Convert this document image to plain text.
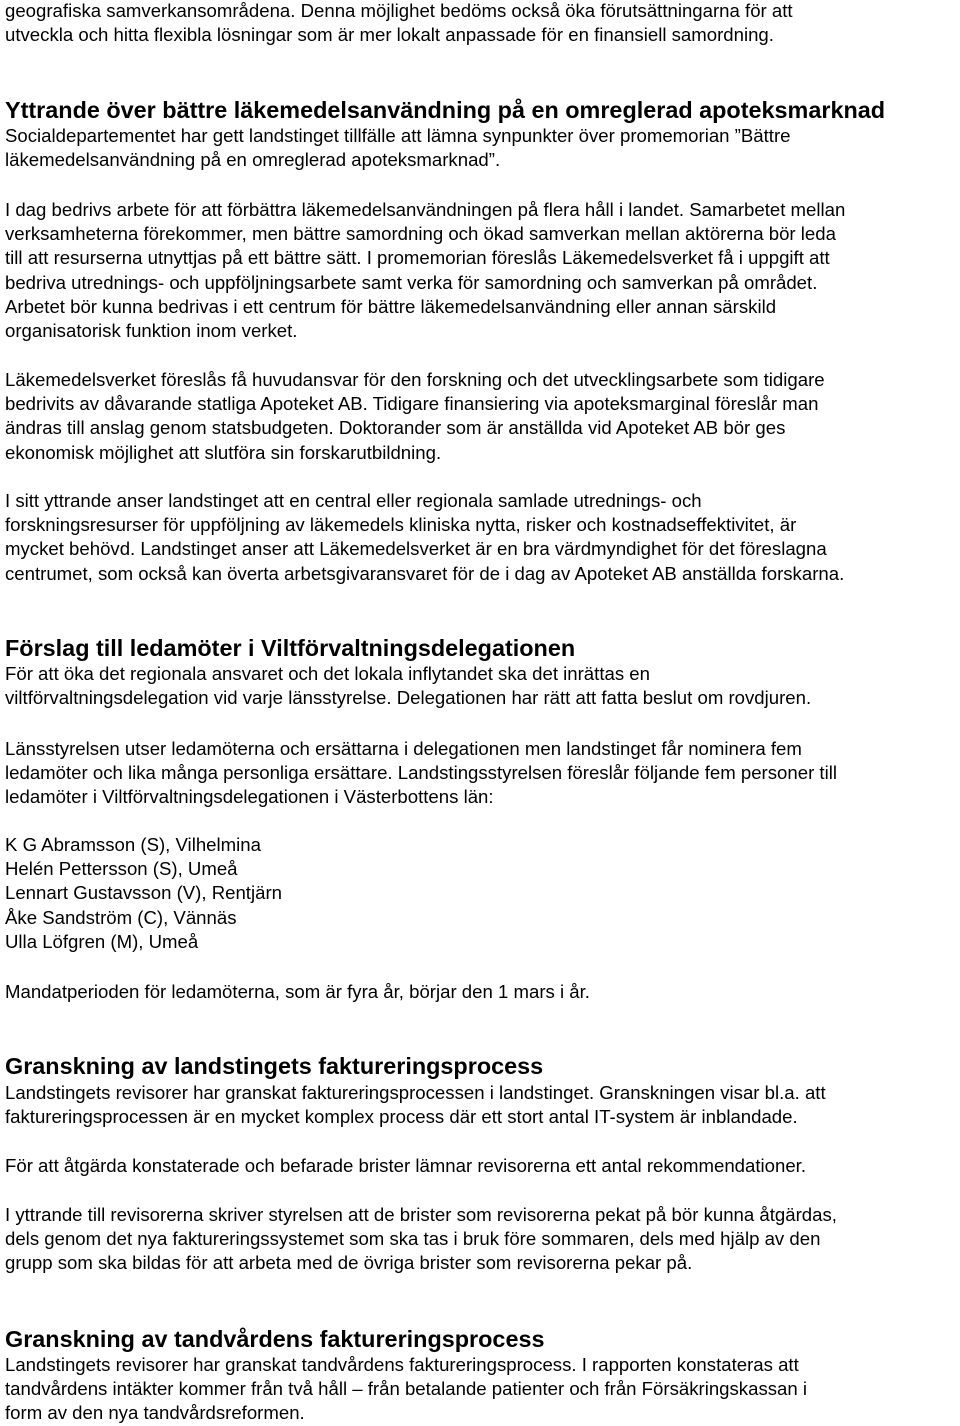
geografiska samverkansområdena. Denna möjlighet bedöms också öka förutsättningarna för att
utveckla och hitta flexibla lösningar som är mer lokalt anpassade för en finansiell samordning.
Yttrande över bättre läkemedelsanvändning på en omreglerad apoteksmarknad
Socialdepartementet har gett landstinget tillfälle att lämna synpunkter över promemorian ”Bättre
läkemedelsanvändning på en omreglerad apoteksmarknad”.
I dag bedrivs arbete för att förbättra läkemedelsanvändningen på flera håll i landet. Samarbetet mellan
verksamheterna förekommer, men bättre samordning och ökad samverkan mellan aktörerna bör leda
till att resurserna utnyttjas på ett bättre sätt. I promemorian föreslås Läkemedelsverket få i uppgift att
bedriva utrednings- och uppföljningsarbete samt verka för samordning och samverkan på området.
Arbetet bör kunna bedrivas i ett centrum för bättre läkemedelsanvändning eller annan särskild
organisatorisk funktion inom verket.
Läkemedelsverket föreslås få huvudansvar för den forskning och det utvecklingsarbete som tidigare
bedrivits av dåvarande statliga Apoteket AB. Tidigare finansiering via apoteksmarginal föreslår man
ändras till anslag genom statsbudgeten. Doktorander som är anställda vid Apoteket AB bör ges
ekonomisk möjlighet att slutföra sin forskarutbildning.
I sitt yttrande anser landstinget att en central eller regionala samlade utrednings- och
forskningsresurser för uppföljning av läkemedels kliniska nytta, risker och kostnadseffektivitet, är
mycket behövd. Landstinget anser att Läkemedelsverket är en bra värdmyndighet för det föreslagna
centrumet, som också kan överta arbetsgivaransvaret för de i dag av Apoteket AB anställda forskarna.
Förslag till ledamöter i Viltförvaltningsdelegationen
För att öka det regionala ansvaret och det lokala inflytandet ska det inrättas en
viltförvaltningsdelegation vid varje länsstyrelse. Delegationen har rätt att fatta beslut om rovdjuren.
Länsstyrelsen utser ledamöterna och ersättarna i delegationen men landstinget får nominera fem
ledamöter och lika många personliga ersättare. Landstingsstyrelsen föreslår följande fem personer till
ledamöter i Viltförvaltningsdelegationen i Västerbottens län:
K G Abramsson (S), Vilhelmina
Helén Pettersson (S), Umeå
Lennart Gustavsson (V), Rentjärn
Åke Sandström (C), Vännäs
Ulla Löfgren (M), Umeå
Mandatperioden för ledamöterna, som är fyra år, börjar den 1 mars i år.
Granskning av landstingets faktureringsprocess
Landstingets revisorer har granskat faktureringsprocessen i landstinget. Granskningen visar bl.a. att
faktureringsprocessen är en mycket komplex process där ett stort antal IT-system är inblandade.
För att åtgärda konstaterade och befarade brister lämnar revisorerna ett antal rekommendationer.
I yttrande till revisorerna skriver styrelsen att de brister som revisorerna pekat på bör kunna åtgärdas,
dels genom det nya faktureringssystemet som ska tas i bruk före sommaren, dels med hjälp av den
grupp som ska bildas för att arbeta med de övriga brister som revisorerna pekar på.
Granskning av tandvårdens faktureringsprocess
Landstingets revisorer har granskat tandvårdens faktureringsprocess. I rapporten konstateras att
tandvårdens intäkter kommer från två håll – från betalande patienter och från Försäkringskassan i
form av den nya tandvårdsreformen.
